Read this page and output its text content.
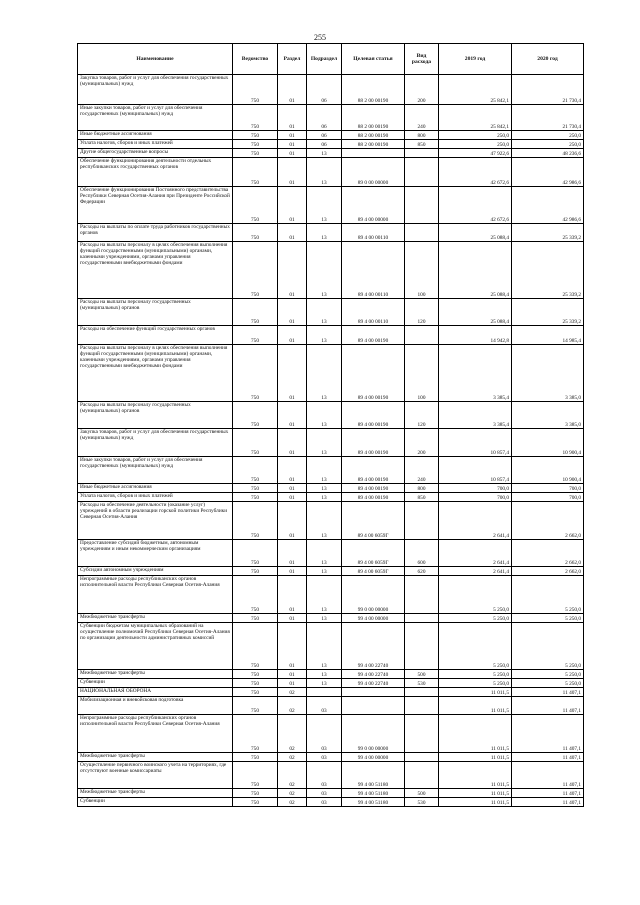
255
Наименование	Ведомство	Раздел	Подраздел	Целевая статья	Вид расхода	2019 год	2020 год
Закупка товаров, работ и услуг для обеспечения государственных (муниципальных) нужд	750	01	06	88 2 00 00190	200	25 842,1	21 730,4
Иные закупки товаров, работ и услуг для обеспечения государственных (муниципальных) нужд	750	01	06	88 2 00 00190	240	25 842,1	21 730,4
Иные бюджетные ассигнования	750	01	06	88 2 00 00190	800	250,0	250,0
Уплата налогов, сборов и иных платежей	750	01	06	88 2 00 00190	850	250,0	250,0
Другие общегосударственные вопросы	750	01	13			47 922,6	48 236,6
Обеспечение функционирования деятельности отдельных республиканских государственных органов	750	01	13	89 0 00 00000		42 672,6	42 986,6
Обеспечение функционирования Постоянного представительства Республики Северная Осетия-Алания при Президенте Российской Федерации	750	01	13	89 4 00 00000		42 672,6	42 986,6
Расходы на выплаты по оплате труда работников государственных органов	750	01	13	89 4 00 00110		25 088,4	25 339,2
Расходы на выплаты персоналу в целях обеспечения выполнения функций государственными (муниципальными) органами, казенными учреждениями, органами управления государственными внебюджетными фондами	750	01	13	89 4 00 00110	100	25 088,4	25 339,2
Расходы на выплаты персоналу государственных (муниципальных) органов	750	01	13	89 4 00 00110	120	25 088,4	25 339,2
Расходы на обеспечение функций государственных органов	750	01	13	89 4 00 00190		14 942,8	14 985,4
Расходы на выплаты персоналу в целях обеспечения выполнения функций государственными (муниципальными) органами, казенными учреждениями, органами управления государственными внебюджетными фондами	750	01	13	89 4 00 00190	100	3 385,4	3 385,0
Расходы на выплаты персоналу государственных (муниципальных) органов	750	01	13	89 4 00 00190	120	3 385,4	3 385,0
Закупка товаров, работ и услуг для обеспечения государственных (муниципальных) нужд	750	01	13	89 4 00 00190	200	10 857,4	10 900,4
Иные закупки товаров, работ и услуг для обеспечения государственных (муниципальных) нужд	750	01	13	89 4 00 00190	240	10 857,4	10 900,4
Иные бюджетные ассигнования	750	01	13	89 4 00 00190	800	700,0	700,0
Уплата налогов, сборов и иных платежей	750	01	13	89 4 00 00190	850	700,0	700,0
Расходы на обеспечение деятельности (оказание услуг) учреждений в области реализации горской политики Республики Северная Осетия-Алания	750	01	13	89 4 00 6059Г		2 641,4	2 662,0
Предоставление субсидий бюджетным, автономным учреждениям и иным некоммерческим организациям	750	01	13	89 4 00 6059Г	600	2 641,4	2 662,0
Субсидии автономным учреждениям	750	01	13	89 4 00 6059Г	620	2 641,4	2 662,0
Непрограммные расходы республиканских органов исполнительной власти Республики Северная Осетия-Алания	750	01	13	99 0 00 00000		5 250,0	5 250,0
Межбюджетные трансферты	750	01	13	99 4 00 00000		5 250,0	5 250,0
Субвенции бюджетам муниципальных образований на осуществление полномочий Республики Северная Осетия-Алания по организации деятельности административных комиссий	750	01	13	99 4 00 22740		5 250,0	5 250,0
Межбюджетные трансферты	750	01	13	99 4 00 22740	500	5 250,0	5 250,0
Субвенции	750	01	13	99 4 00 22740	530	5 250,0	5 250,0
НАЦИОНАЛЬНАЯ ОБОРОНА	750	02				11 011,5	11 407,1
Мобилизационная и вневойсковая подготовка	750	02	03			11 011,5	11 407,1
Непрограммные расходы республиканских органов исполнительной власти Республики Северная Осетия-Алания	750	02	03	99 0 00 00000		11 011,5	11 407,1
Межбюджетные трансферты	750	02	03	99 4 00 00000		11 011,5	11 407,1
Осуществление первичного воинского учета на территориях, где отсутствуют военные комиссариаты	750	02	03	99 4 00 51180		11 011,5	11 407,1
Межбюджетные трансферты	750	02	03	99 4 00 51180	500	11 011,5	11 407,1
Субвенции	750	02	03	99 4 00 51180	530	11 011,5	11 407,1
